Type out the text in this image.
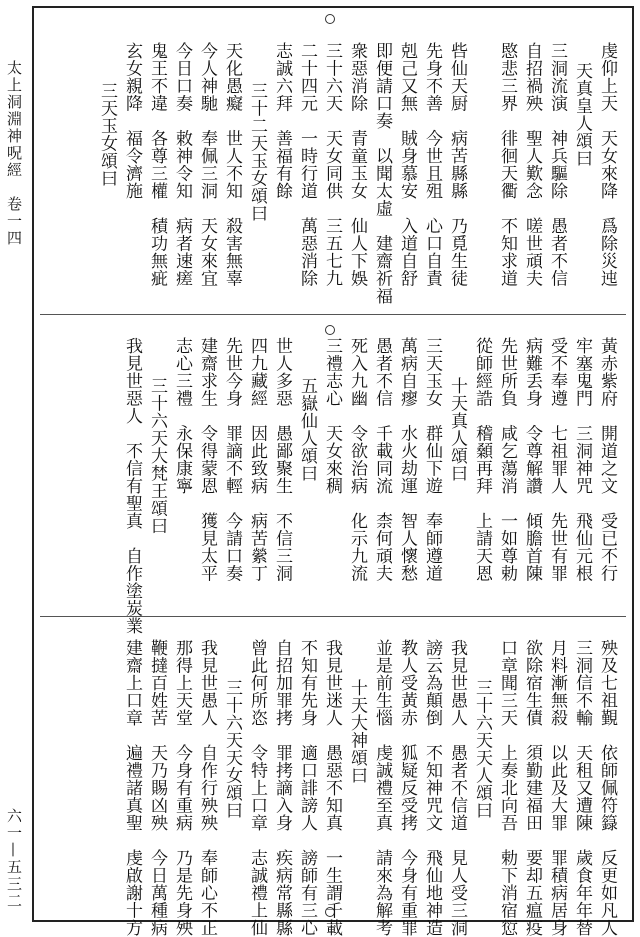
太上洞淵神呪經　卷一四
六一—五三二
虔仰上天　天女來降　爲除災迍
天真皇人頌曰
三洞流演　神兵驅除　愚者不信
自招禍殃　聖人歎念　嗟世頑夫
愍悲三界　徘徊天衢　不知求道
呰仙天厨　病苦縣縣　乃覓生徒
先身不善　今世且殂　心口自責
剋己又無　賊身慕安　入道自舒
即便請口奏　以聞太虛　建齋祈福
衆惡消除　青童玉女　仙人下娛
三十六天　天女同供　三五七九
二十四元　一時行道　萬惡消除
志誠六拜　善福有餘
三十二天玉女頌曰
天化愚癡　世人不知　殺害無辜
今人神馳　奉佩三洞　天女來宜
今日口奏　敕神令知　病者速瘥
鬼王不違　各尊三權　積功無疵
玄女親降　福令濟施
三天玉女頌曰
黃赤紫府　開道之文　受已不行
牢塞鬼門　三洞神咒　飛仙元根
受不奉遵　七祖罪人　先世有罪
病難丢身　令尊解讚　傾膽首陳
先世所負　咸乞蕩消　一如尊勅
從師經誥　稽顙再拜　上請天恩
十天真人頌曰
三天玉女　群仙下遊　奉師遵道
萬病自瘳　水火劫運　智人懷愁
愚者不信　千載同流　柰何頑夫
死入九幽　令欲治病　化示九流
三禮志心　天女來稠
五嶽仙人頌曰
世人多惡　愚鄙聚生　不信三洞
四九藏經　因此致病　病苦縈丁
先世今身　罪謫不輕　今請口奏
建齋求生　令得蒙恩　獲見太平
志心三禮　永保康寧
三十六天大梵王頌曰
我見世惡人　不信有聖真　自作塗炭業
殃及七祖覲　依師佩符籙　反更如凡人
三洞信不輸　天租又遭陳　歲食年年替
月料漸無殺　以此及大罪　罪積病居身
欲除宿生債　須勤建福田　要却五瘟疫
口章聞三天　上奏北向吾　勅下消宿愆
三十六天天人頌曰
我見世愚人　愚者不信道　見人受三洞
謗云為顛倒　不知神咒文　飛仙地神造
教人受黃赤　狐疑反受拷　今身有重罪
並是前生惱　虔誠禮至真　請來為解考
十天大神頌曰
我見世迷人　愚惡不知真　一生謂千載
不知有先身　適口誹謗人　謗師有三心
自招加罪拷　罪拷謫入身　疾病常縣縣
曾此何所恣　令特上口章　志誠禮上仙
三十六天天女頌曰
我見世愚人　自作行殃殃　奉師心不正
那得上天堂　今身有重病　乃是先身殃
鞭撻百姓苦　天乃賜凶殃　今日萬種病
建齋上口章　遍禮諸真聖　虔啟謝十方
